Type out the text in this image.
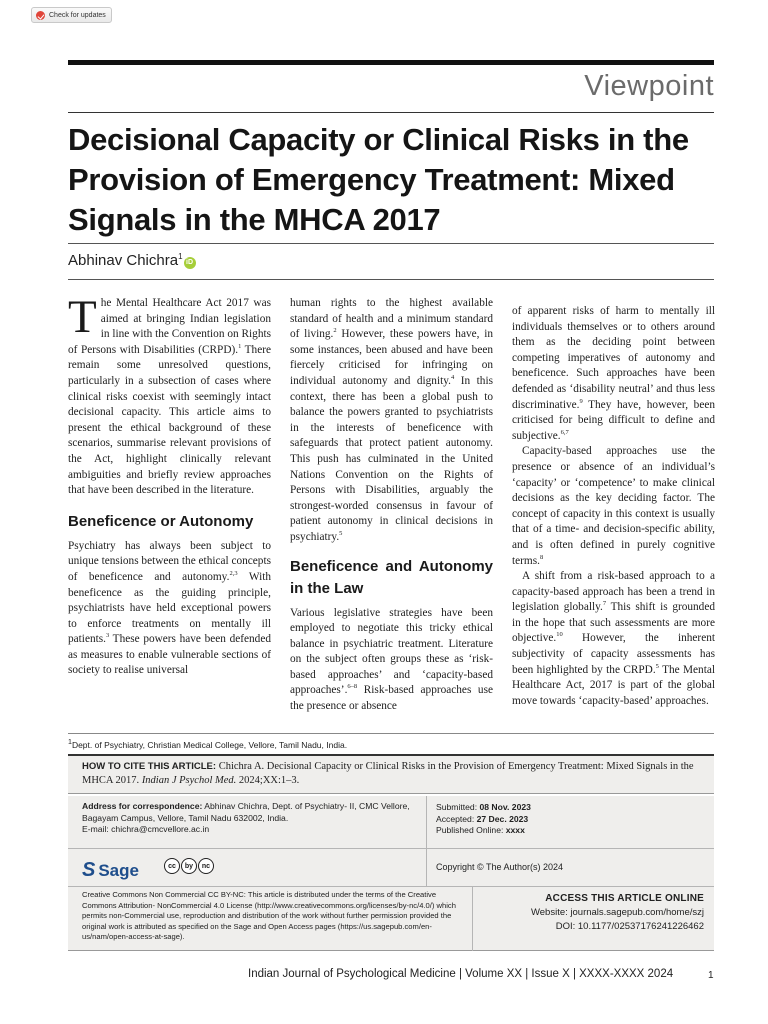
Check for updates
Viewpoint
Decisional Capacity or Clinical Risks in the Provision of Emergency Treatment: Mixed Signals in the MHCA 2017
Abhinav Chichra$^1$iD

The Mental Healthcare Act 2017 was aimed at bringing Indian legislation in line with the Convention on Rights of Persons with Disabilities (CRPD).$^1$ There remain some unresolved questions, particularly in a subsection of cases where clinical risks coexist with seemingly intact decisional capacity. This article aims to present the ethical background of these scenarios, summarise relevant provisions of the Act, highlight clinically relevant ambiguities and briefly review approaches that have been described in the literature.

Beneficence or Autonomy

Psychiatry has always been subject to unique tensions between the ethical concepts of beneficence and autonomy.$^{2,3}$ With beneficence as the guiding principle, psychiatrists have held exceptional powers to enforce treatments on mentally ill patients.$^3$ These powers have been defended as measures to enable vulnerable sections of society to realise universal

human rights to the highest available standard of health and a minimum standard of living.$^2$ However, these powers have, in some instances, been abused and have been fiercely criticised for infringing on individual autonomy and dignity.$^4$ In this context, there has been a global push to balance the powers granted to psychiatrists in the interests of beneficence with safeguards that protect patient autonomy. This push has culminated in the United Nations Convention on the Rights of Persons with Disabilities, arguably the strongest-worded consensus in favour of patient autonomy in clinical decisions in psychiatry.$^5$

Beneficence and Autonomy in the Law

Various legislative strategies have been employed to negotiate this tricky ethical balance in psychiatric treatment. Literature on the subject often groups these as ‘risk-based approaches’ and ‘capacity-based approaches’.$^{6-8}$ Risk-based approaches use the presence or absence

of apparent risks of harm to mentally ill individuals themselves or to others around them as the deciding point between competing imperatives of autonomy and beneficence. Such approaches have been defended as ‘disability neutral’ and thus less discriminative.$^9$ They have, however, been criticised for being difficult to define and subjective.$^{6,7}$

Capacity-based approaches use the presence or absence of an individual’s ‘capacity’ or ‘competence’ to make clinical decisions as the key deciding factor. The concept of capacity in this context is usually that of a time- and decision-specific ability, and is often defined in purely cognitive terms.$^8$

A shift from a risk-based approach to a capacity-based approach has been a trend in legislation globally.$^7$ This shift is grounded in the hope that such assessments are more objective.$^{10}$ However, the inherent subjectivity of capacity assessments has been highlighted by the CRPD.$^5$ The Mental Healthcare Act, 2017 is part of the global move towards ‘capacity-based’ approaches.

$^1$Dept. of Psychiatry, Christian Medical College, Vellore, Tamil Nadu, India.
HOW TO CITE THIS ARTICLE: Chichra A. Decisional Capacity or Clinical Risks in the Provision of Emergency Treatment: Mixed Signals in the MHCA 2017. Indian J Psychol Med. 2024;XX:1–3.
Address for correspondence: Abhinav Chichra, Dept. of Psychiatry- II, CMC Vellore, Bagayam Campus, Vellore, Tamil Nadu 632002, India.
E-mail: chichra@cmcvellore.ac.in
Submitted: 08 Nov. 2023
Accepted: 27 Dec. 2023
Published Online: xxxx
S Sage	cc	by	nc	Copyright © The Author(s) 2024
Creative Commons Non Commercial CC BY-NC: This article is distributed under the terms of the Creative Commons Attribution- NonCommercial 4.0 License (http://www.creativecommons.org/licenses/by-nc/4.0/) which permits non-Commercial use, reproduction and distribution of the work without further permission provided the original work is attributed as specified on the Sage and Open Access pages (https://us.sagepub.com/en-us/nam/open-access-at-sage).
ACCESS THIS ARTICLE ONLINE
Website: journals.sagepub.com/home/szj
DOI: 10.1177/02537176241226462
Indian Journal of Psychological Medicine | Volume XX | Issue X | XXXX-XXXX 2024	1
